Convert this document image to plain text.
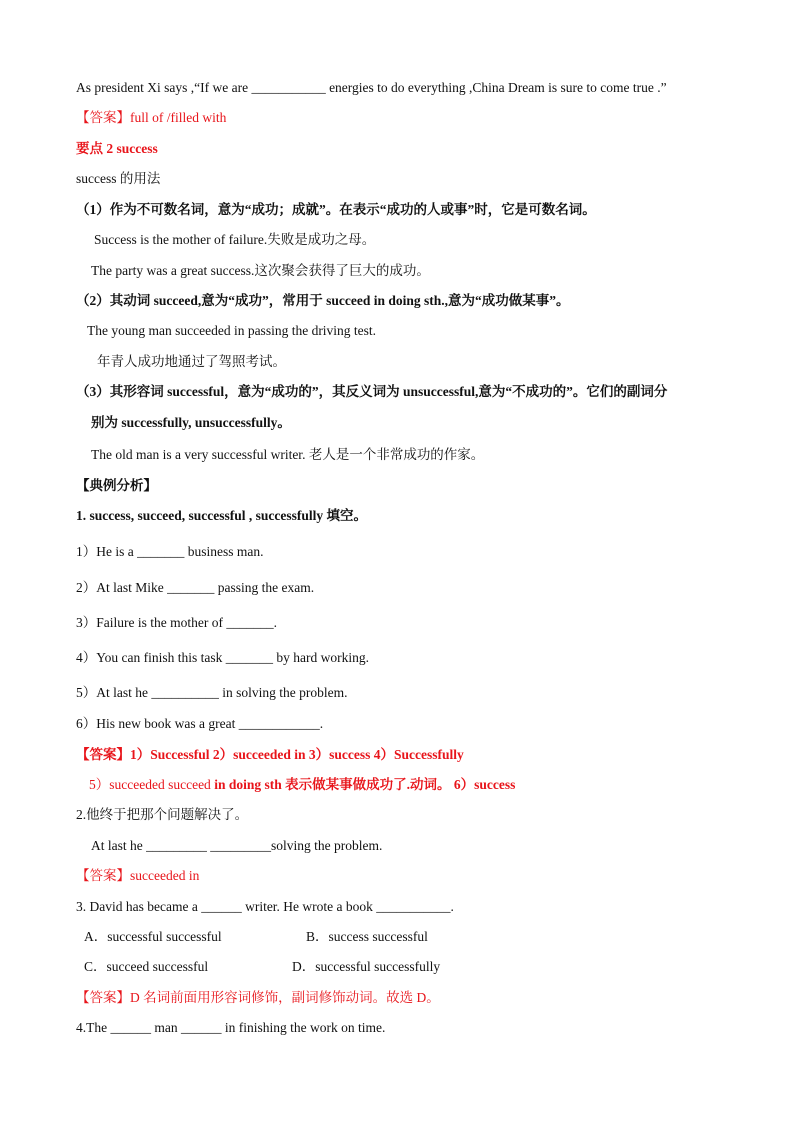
As president Xi says ,“If we are ___________ energies to do everything ,China Dream is sure to come true .”
【答案】full of /filled with
要点 2 success
success 的用法
（1）作为不可数名词，意为“成功；成就”。在表示“成功的人或事”时，它是可数名词。
Success is the mother of failure.失败是成功之母。
The party was a great success.这次聚会获得了巨大的成功。
（2）其动词 succeed,意为“成功”，常用于 succeed in doing sth.,意为“成功做某事”。
The young man succeeded in passing the driving test.
年青人成功地通过了驾照考试。
（3）其形容词 successful，意为“成功的”，其反义词为 unsuccessful,意为“不成功的”。它们的副词分
别为 successfully, unsuccessfully。
The old man is a very successful writer. 老人是一个非常成功的作家。
【典例分析】
1. success, succeed, successful , successfully 填空。
1）He is a _______ business man.
2）At last Mike _______ passing the exam.
3）Failure is the mother of _______.
4）You can finish this task _______ by hard working.
5）At last he __________ in solving the problem.
6）His new book was a great ____________.
【答案】1）Successful 2）succeeded in 3）success 4）Successfully
5）succeeded succeed in doing sth 表示做某事做成功了.动词。 6）success
2.他终于把那个问题解决了。
At last he _________ _________solving the problem.
【答案】succeeded in
3. David has became a ______ writer. He wrote a book ___________.
A．successful successful	B．success successful
C．succeed successful	D．successful successfully
【答案】D 名词前面用形容词修饰，副词修饰动词。故选 D。
4.The ______ man ______ in finishing the work on time.
